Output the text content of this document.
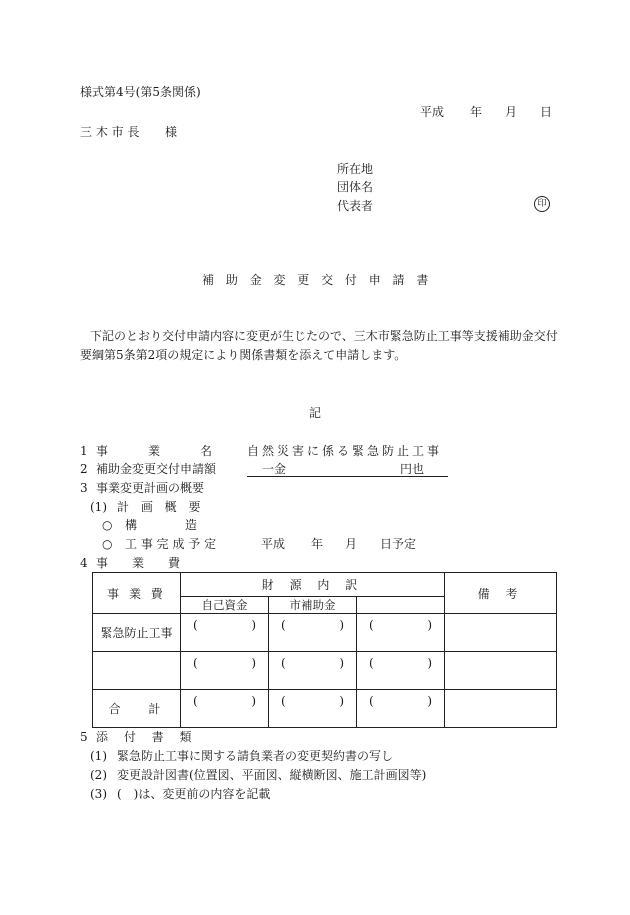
様式第4号(第5条関係)
平成 年 月 日
三 木 市 長 様
所在地
団体名
代表者	印
補 助 金 変 更 交 付 申 請 書
下記のとおり交付申請内容に変更が生じたので、三木市緊急防止工事等支援補助金交付
要綱第5条第2項の規定により関係書類を添えて申請します。
記
1 事　　　業　　　名	自然災害に係る緊急防止工事
2 補助金変更交付申請額	一金	円也
3 事業変更計画の概要
(1) 計 画 概 要
○ 構　　　　造
○ 工 事 完 成 予 定	平成 年 月 日予定
4 事　　業　　費
事 業 費	財 源 内 訳			備 考
	自己資金	市補助金		
緊急防止工事	( )	( )	( )	

	( )	( )	( )	

合　 計	( )	( )	( )	

5 添 付 書 類
(1) 緊急防止工事に関する請負業者の変更契約書の写し
(2) 変更設計図書(位置図、平面図、縦横断図、施工計画図等)
(3) (　)は、変更前の内容を記載
